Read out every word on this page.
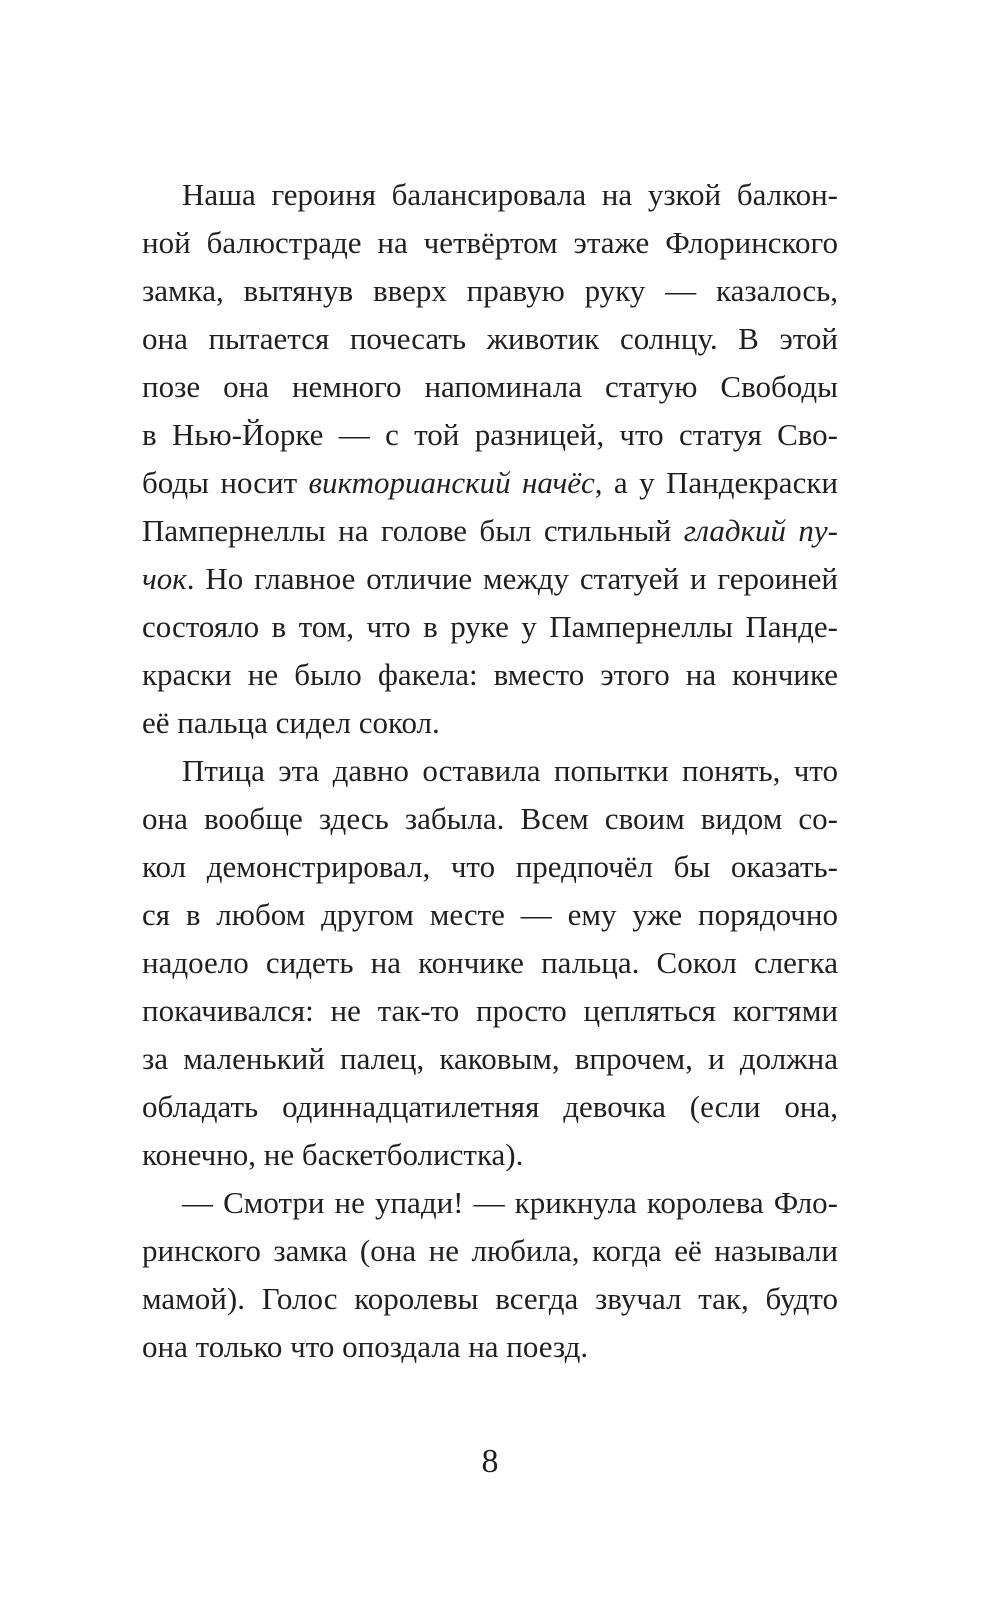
Наша героиня балансировала на узкой балкон-
ной балюстраде на четвёртом этаже Флоринского
замка, вытянув вверх правую руку — казалось,
она пытается почесать животик солнцу. В этой
позе она немного напоминала статую Свободы
в Нью-Йорке — с той разницей, что статуя Сво-
боды носит викторианский начёс, а у Пандекраски
Пампернеллы на голове был стильный гладкий пу-
чок. Но главное отличие между статуей и героиней
состояло в том, что в руке у Пампернеллы Панде-
краски не было факела: вместо этого на кончике
её пальца сидел сокол.
Птица эта давно оставила попытки понять, что
она вообще здесь забыла. Всем своим видом со-
кол демонстрировал, что предпочёл бы оказать-
ся в любом другом месте — ему уже порядочно
надоело сидеть на кончике пальца. Сокол слегка
покачивался: не так-то просто цепляться когтями
за маленький палец, каковым, впрочем, и должна
обладать одиннадцатилетняя девочка (если она,
конечно, не баскетболистка).
— Смотри не упади! — крикнула королева Фло-
ринского замка (она не любила, когда её называли
мамой). Голос королевы всегда звучал так, будто
она только что опоздала на поезд.
8
